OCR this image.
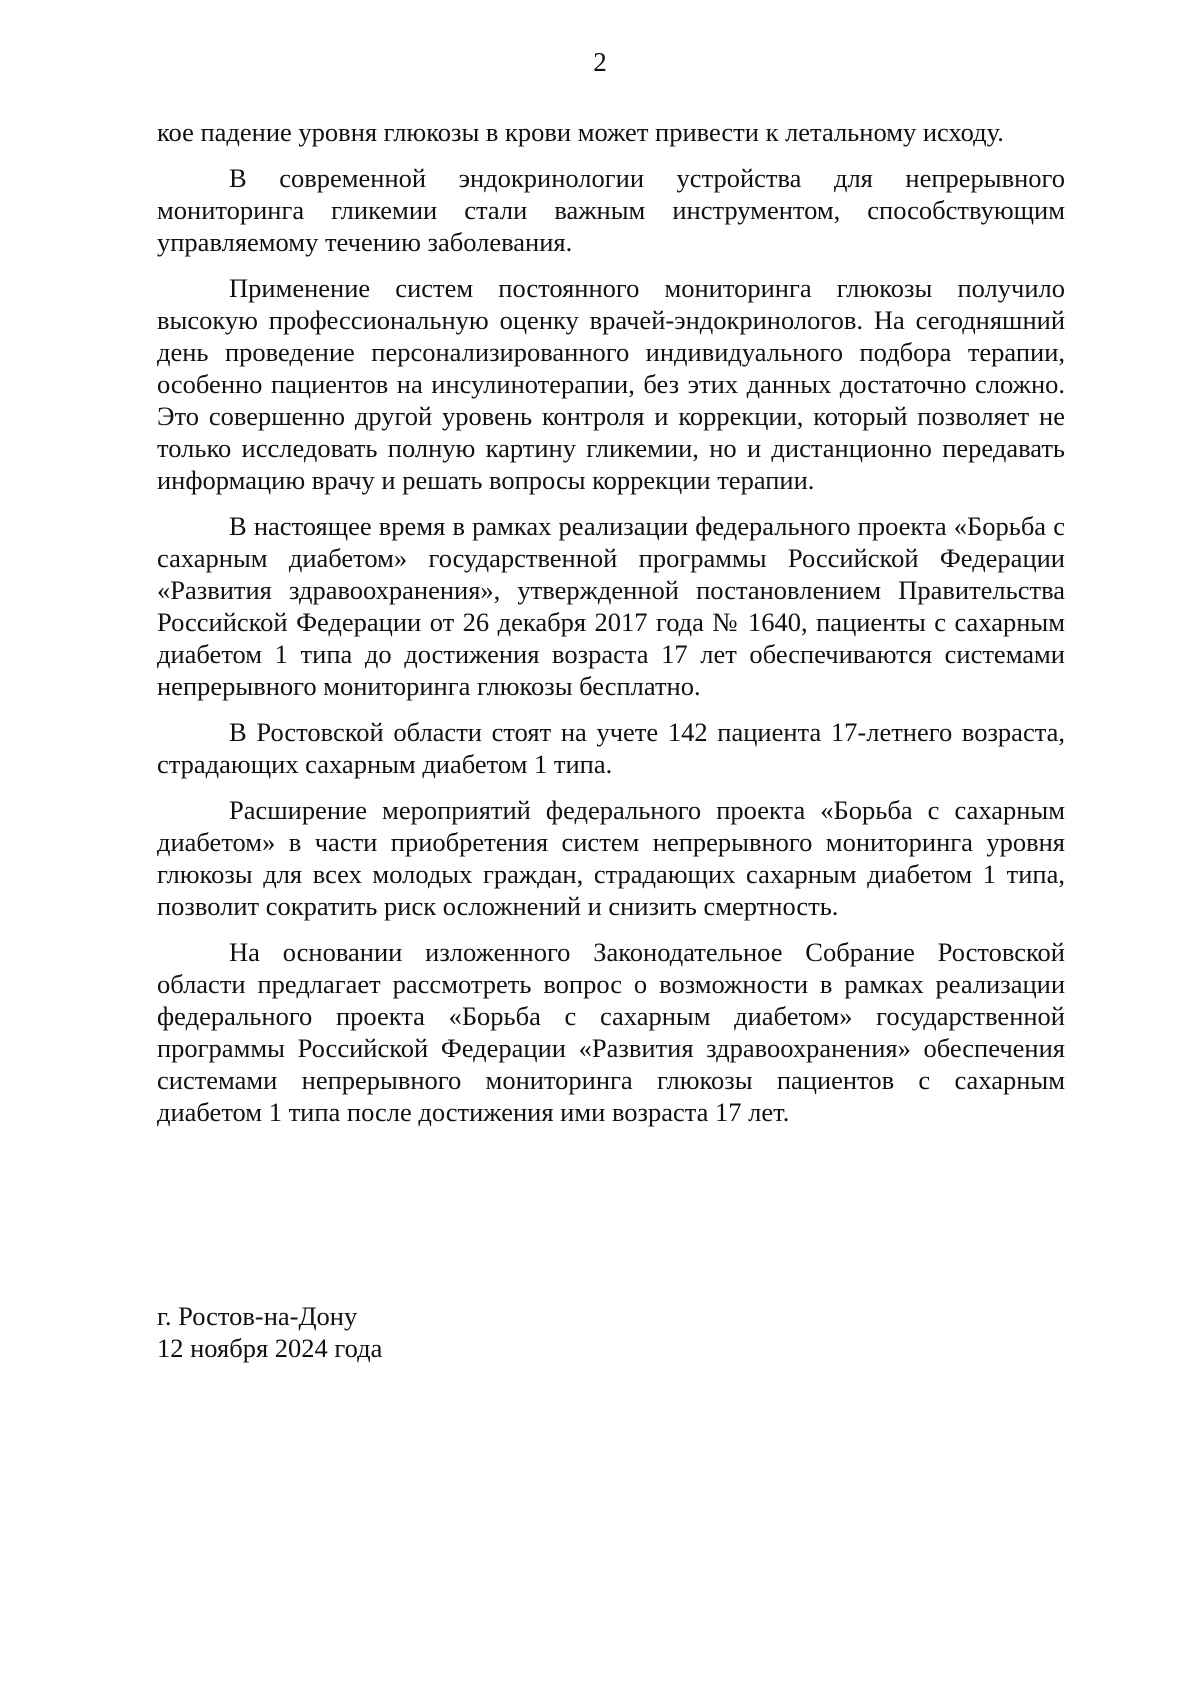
2

кое падение уровня глюкозы в крови может привести к летальному исходу.

В современной эндокринологии устройства для непрерывного мониторинга гликемии стали важным инструментом, способствующим управляемому течению заболевания.

Применение систем постоянного мониторинга глюкозы получило высокую профессиональную оценку врачей-эндокринологов. На сегодняшний день проведение персонализированного индивидуального подбора терапии, особенно пациентов на инсулинотерапии, без этих данных достаточно сложно. Это совершенно другой уровень контроля и коррекции, который позволяет не только исследовать полную картину гликемии, но и дистанционно передавать информацию врачу и решать вопросы коррекции терапии.

В настоящее время в рамках реализации федерального проекта «Борьба с сахарным диабетом» государственной программы Российской Федерации «Развития здравоохранения», утвержденной постановлением Правительства Российской Федерации от 26 декабря 2017 года № 1640, пациенты с сахарным диабетом 1 типа до достижения возраста 17 лет обеспечиваются системами непрерывного мониторинга глюкозы бесплатно.

В Ростовской области стоят на учете 142 пациента 17-летнего возраста, страдающих сахарным диабетом 1 типа.

Расширение мероприятий федерального проекта «Борьба с сахарным диабетом» в части приобретения систем непрерывного мониторинга уровня глюкозы для всех молодых граждан, страдающих сахарным диабетом 1 типа, позволит сократить риск осложнений и снизить смертность.

На основании изложенного Законодательное Собрание Ростовской области предлагает рассмотреть вопрос о возможности в рамках реализации федерального проекта «Борьба с сахарным диабетом» государственной программы Российской Федерации «Развития здравоохранения» обеспечения системами непрерывного мониторинга глюкозы пациентов с сахарным диабетом 1 типа после достижения ими возраста 17 лет.

г. Ростов-на-Дону
12 ноября 2024 года
